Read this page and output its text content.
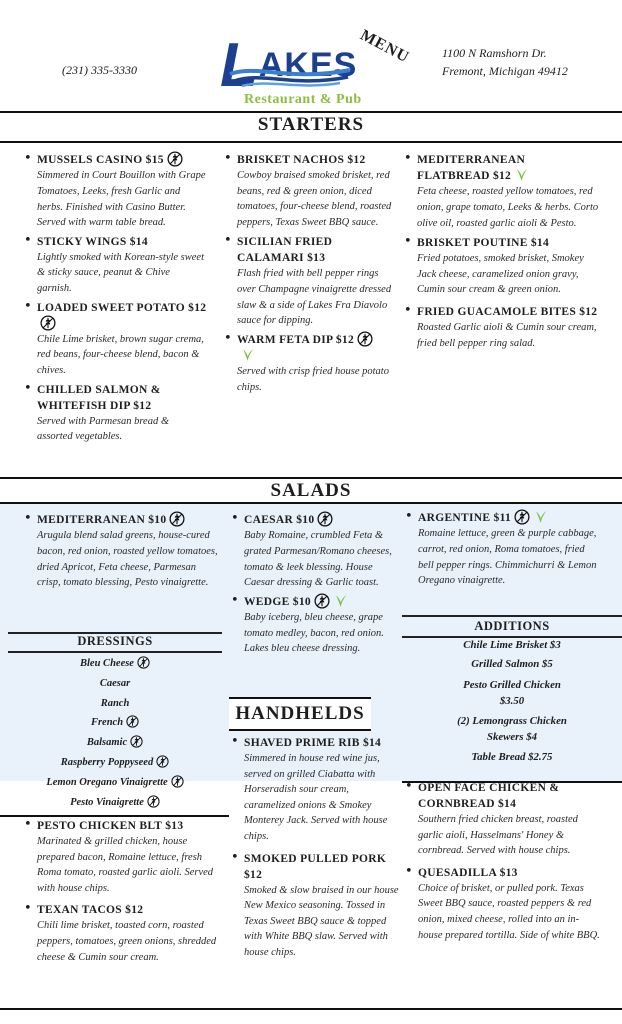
(231) 335-3330 LAKES MENU
Restaurant & Pub
1100 N Ramshorn Dr.
Fremont, Michigan 49412
STARTERS
• MUSSELS CASINO $15
Simmered in Court Bouillon with Grape Tomatoes, Leeks, fresh Garlic and herbs. Finished with Casino Butter. Served with warm table bread.
• STICKY WINGS $14
Lightly smoked with Korean-style sweet & sticky sauce, peanut & Chive garnish.
• LOADED SWEET POTATO $12
Chile Lime brisket, brown sugar crema, red beans, four-cheese blend, bacon & chives.
• CHILLED SALMON & WHITEFISH DIP $12
Served with Parmesan bread & assorted vegetables.
• BRISKET NACHOS $12
Cowboy braised smoked brisket, red beans, red & green onion, diced tomatoes, four-cheese blend, roasted peppers, Texas Sweet BBQ sauce.
• SICILIAN FRIED CALAMARI $13
Flash fried with bell pepper rings over Champagne vinaigrette dressed slaw & a side of Lakes Fra Diavolo sauce for dipping.
• WARM FETA DIP $12
Served with crisp fried house potato chips.
• MEDITERRANEAN FLATBREAD $12
Feta cheese, roasted yellow tomatoes, red onion, grape tomato, Leeks & herbs. Corto olive oil, roasted garlic aioli & Pesto.
• BRISKET POUTINE $14
Fried potatoes, smoked brisket, Smokey Jack cheese, caramelized onion gravy, Cumin sour cream & green onion.
• FRIED GUACAMOLE BITES $12
Roasted Garlic aioli & Cumin sour cream, fried bell pepper ring salad.
SALADS
• MEDITERRANEAN $10
Arugula blend salad greens, house-cured bacon, red onion, roasted yellow tomatoes, dried Apricot, Feta cheese, Parmesan crisp, tomato blessing, Pesto vinaigrette.
• CAESAR $10
Baby Romaine, crumbled Feta & grated Parmesan/Romano cheeses, tomato & leek blessing. House Caesar dressing & Garlic toast.
• WEDGE $10
Baby iceberg, bleu cheese, grape tomato medley, bacon, red onion. Lakes bleu cheese dressing.
• ARGENTINE $11
Romaine lettuce, green & purple cabbage, carrot, red onion, Roma tomatoes, fried bell pepper rings. Chimmichurri & Lemon Oregano vinaigrette.
DRESSINGS
Bleu Cheese
Caesar
Ranch
French
Balsamic
Raspberry Poppyseed
Lemon Oregano Vinaigrette
Pesto Vinaigrette
ADDITIONS
Chile Lime Brisket $3
Grilled Salmon $5
Pesto Grilled Chicken
$3.50
(2) Lemongrass Chicken
Skewers $4
Table Bread $2.75
HANDHELDS
• PESTO CHICKEN BLT $13
Marinated & grilled chicken, house prepared bacon, Romaine lettuce, fresh Roma tomato, roasted garlic aioli. Served with house chips.
• TEXAN TACOS $12
Chili lime brisket, toasted corn, roasted peppers, tomatoes, green onions, shredded cheese & Cumin sour cream.
• SHAVED PRIME RIB $14
Simmered in house red wine jus, served on grilled Ciabatta with Horseradish sour cream, caramelized onions & Smokey Monterey Jack. Served with house chips.
• SMOKED PULLED PORK $12
Smoked & slow braised in our house New Mexico seasoning. Tossed in Texas Sweet BBQ sauce & topped with White BBQ slaw. Served with house chips.
• OPEN FACE CHICKEN & CORNBREAD $14
Southern fried chicken breast, roasted garlic aioli, Hasselmans' Honey & cornbread. Served with house chips.
• QUESADILLA $13
Choice of brisket, or pulled pork. Texas Sweet BBQ sauce, roasted peppers & red onion, mixed cheese, rolled into an in-house prepared tortilla. Side of white BBQ.
